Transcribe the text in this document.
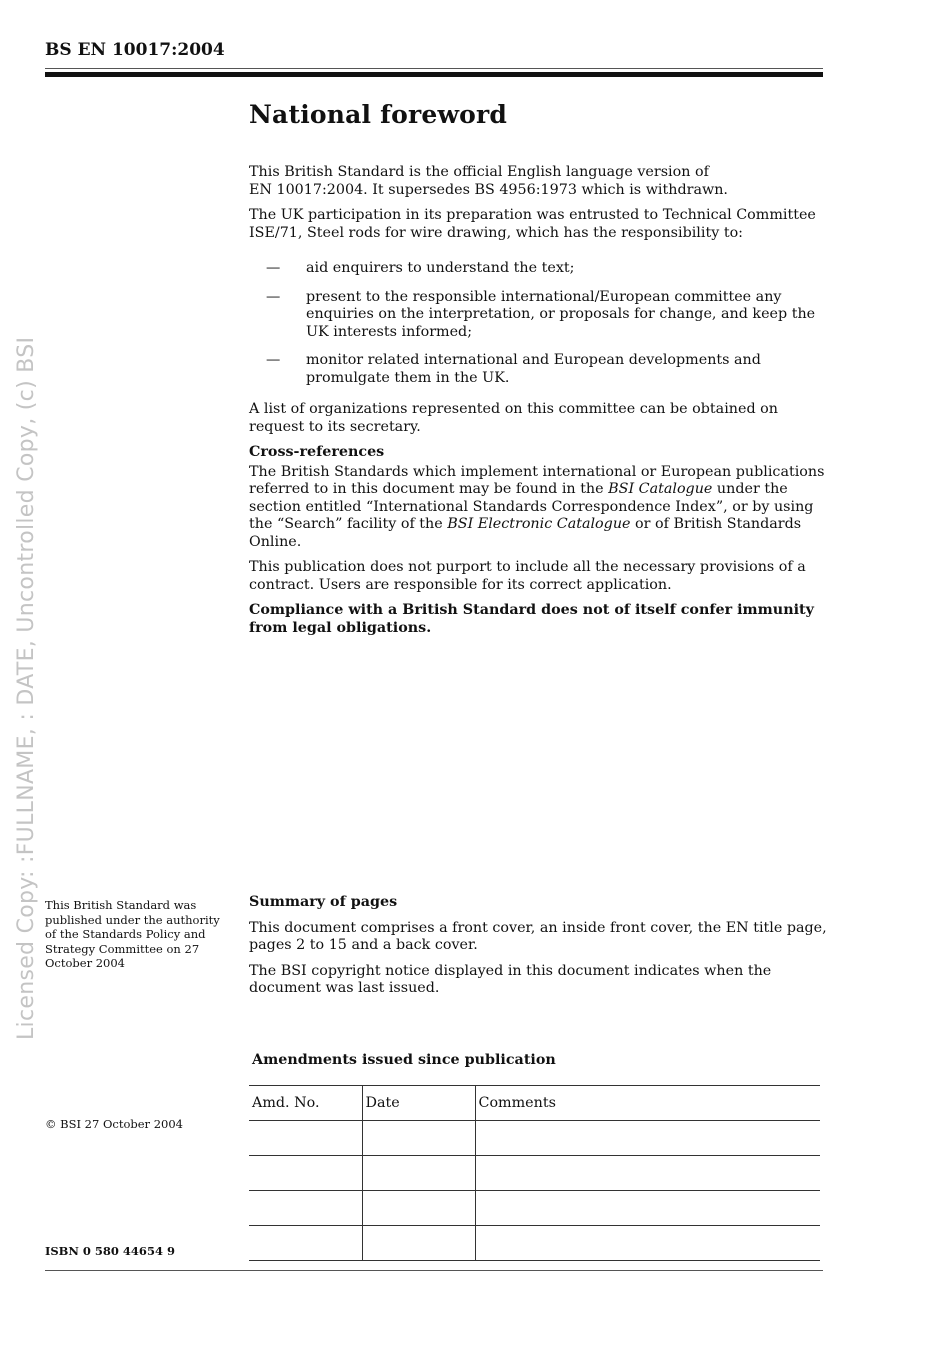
BS EN 10017:2004
Licensed Copy: :FULLNAME, : DATE, Uncontrolled Copy, (c) BSI
National foreword

This British Standard is the official English language version of EN 10017:2004. It supersedes BS 4956:1973 which is withdrawn.

The UK participation in its preparation was entrusted to Technical Committee ISE/71, Steel rods for wire drawing, which has the responsibility to:

— aid enquirers to understand the text;
— present to the responsible international/European committee any enquiries on the interpretation, or proposals for change, and keep the UK interests informed;
— monitor related international and European developments and promulgate them in the UK.

A list of organizations represented on this committee can be obtained on request to its secretary.

Cross-references

The British Standards which implement international or European publications referred to in this document may be found in the BSI Catalogue under the section entitled “International Standards Correspondence Index”, or by using the “Search” facility of the BSI Electronic Catalogue or of British Standards Online.

This publication does not purport to include all the necessary provisions of a contract. Users are responsible for its correct application.

Compliance with a British Standard does not of itself confer immunity from legal obligations.

This British Standard was published under the authority of the Standards Policy and Strategy Committee on 27 October 2004

Summary of pages

This document comprises a front cover, an inside front cover, the EN title page, pages 2 to 15 and a back cover.

The BSI copyright notice displayed in this document indicates when the document was last issued.

Amendments issued since publication
Amd. No.	Date	Comments

© BSI 27 October 2004
ISBN 0 580 44654 9
